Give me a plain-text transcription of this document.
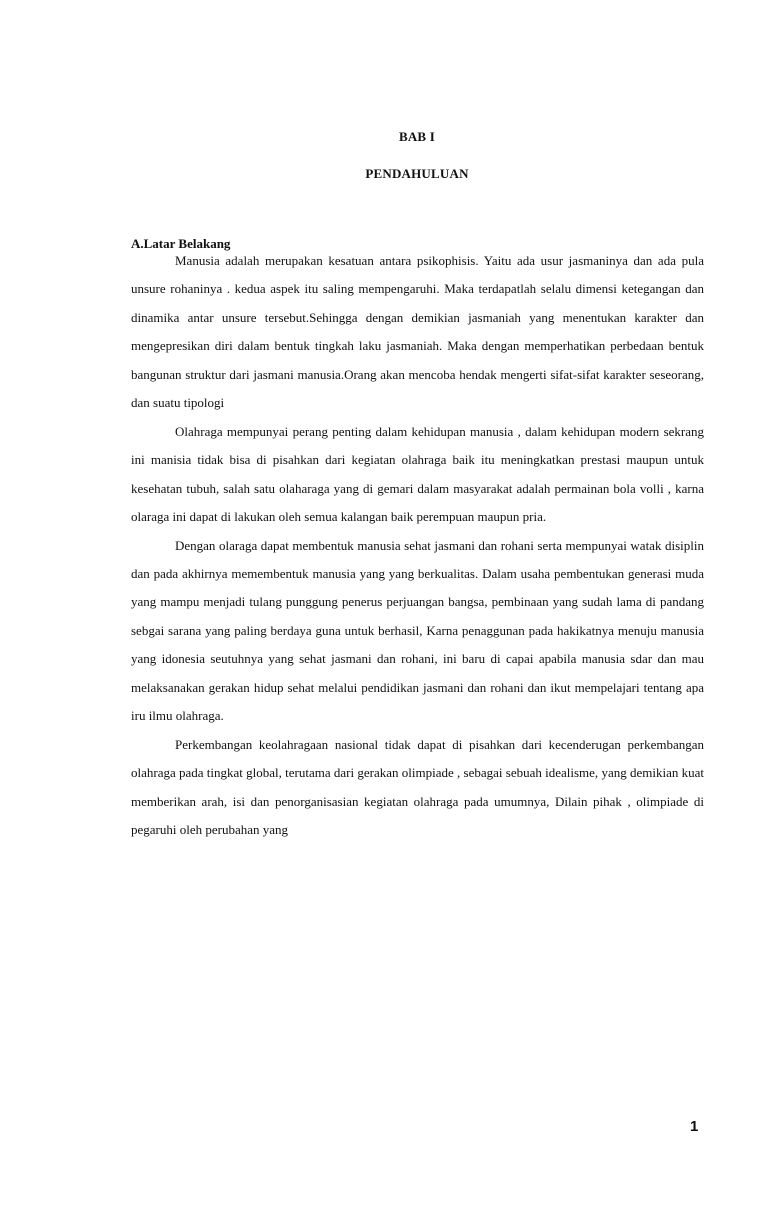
BAB I
PENDAHULUAN
A.Latar Belakang

Manusia adalah merupakan kesatuan antara psikophisis. Yaitu ada usur jasmaninya dan ada pula unsure rohaninya . kedua aspek itu saling mempengaruhi. Maka terdapatlah selalu dimensi ketegangan dan dinamika antar unsure tersebut.Sehingga dengan demikian jasmaniah yang menentukan karakter dan mengepresikan diri dalam bentuk tingkah laku jasmaniah. Maka dengan memperhatikan perbedaan bentuk bangunan struktur dari jasmani manusia.Orang akan mencoba hendak mengerti sifat-sifat karakter seseorang, dan suatu tipologi

Olahraga mempunyai perang penting dalam kehidupan manusia , dalam kehidupan modern sekrang ini manisia tidak bisa di pisahkan dari kegiatan olahraga baik itu meningkatkan prestasi maupun untuk kesehatan tubuh, salah satu olaharaga yang di gemari dalam masyarakat adalah permainan bola volli , karna olaraga ini dapat di lakukan oleh semua kalangan baik perempuan maupun pria.

Dengan olaraga dapat membentuk manusia sehat jasmani dan rohani serta mempunyai watak disiplin dan pada akhirnya memembentuk manusia yang yang berkualitas. Dalam usaha pembentukan generasi muda yang mampu menjadi tulang punggung penerus perjuangan bangsa, pembinaan yang sudah lama di pandang sebgai sarana yang paling berdaya guna untuk berhasil, Karna penaggunan pada hakikatnya menuju manusia yang idonesia seutuhnya yang sehat jasmani dan rohani, ini baru di capai apabila manusia sdar dan mau melaksanakan gerakan hidup sehat melalui pendidikan jasmani dan rohani dan ikut mempelajari tentang apa iru ilmu olahraga.

Perkembangan keolahragaan nasional tidak dapat di pisahkan dari kecenderugan perkembangan olahraga pada tingkat global, terutama dari gerakan olimpiade , sebagai sebuah idealisme, yang demikian kuat memberikan arah, isi dan penorganisasian kegiatan olahraga pada umumnya, Dilain pihak , olimpiade di pegaruhi oleh perubahan yang

1
